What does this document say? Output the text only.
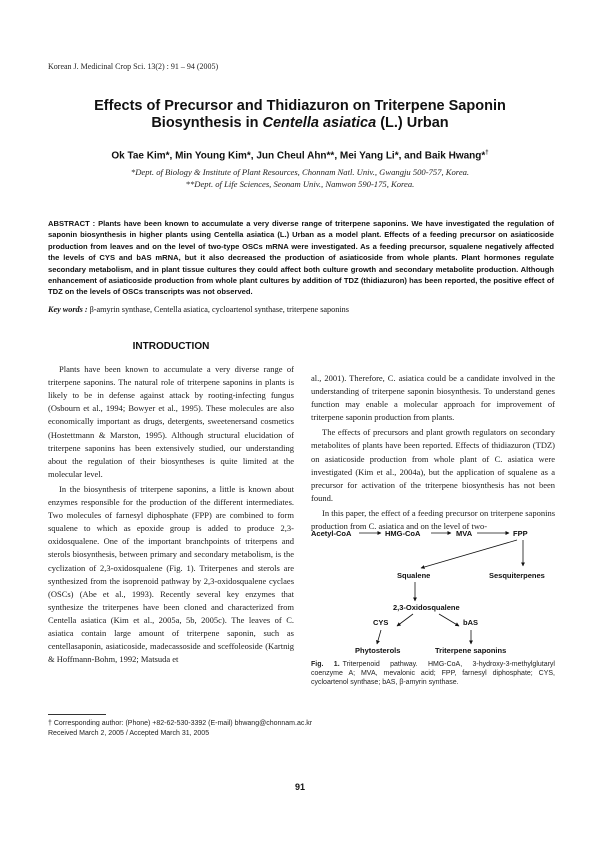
Korean J. Medicinal Crop Sci. 13(2) : 91 – 94 (2005)
Effects of Precursor and Thidiazuron on Triterpene Saponin
Biosynthesis in Centella asiatica (L.) Urban
Ok Tae Kim*, Min Young Kim*, Jun Cheul Ahn**, Mei Yang Li*, and Baik Hwang*†
*Dept. of Biology & Institute of Plant Resources, Chonnam Natl. Univ., Gwangju 500-757, Korea.
**Dept. of Life Sciences, Seonam Univ., Namwon 590-175, Korea.
ABSTRACT : Plants have been known to accumulate a very diverse range of triterpene saponins. We have investigated the regulation of saponin biosynthesis in higher plants using Centella asiatica (L.) Urban as a model plant. Effects of a feeding precursor on asiaticoside production from leaves and on the level of two-type OSCs mRNA were investigated. As a feeding precursor, squalene negatively affected the levels of CYS and bAS mRNA, but it also decreased the production of asiaticoside from whole plants. Plant hormones regulate secondary metabolism, and in plant tissue cultures they could affect both culture growth and secondary metabolite production. Although enhancement of asiaticoside production from whole plant cultures by addition of TDZ (thidiazuron) has been reported, the positive effect of TDZ on the levels of OSCs transcripts was not observed.
Key words : β-amyrin synthase, Centella asiatica, cycloartenol synthase, triterpene saponins
INTRODUCTION

Plants have been known to accumulate a very diverse range of triterpene saponins. The natural role of triterpene saponins in plants is likely to be in defense against attack by rooting-infecting fungus (Osbourn et al., 1994; Bowyer et al., 1995). These molecules are also economically important as drugs, detergents, sweetenersand cosmetics (Hostettmann & Marston, 1995). Although structural elucidation of triterpene saponins has been extensively studied, our understanding about the regulation of their biosyntheses is quite limited at the molecular level.

In the biosynthesis of triterpene saponins, a little is known about enzymes responsible for the production of the different intermediates. Two molecules of farnesyl diphosphate (FPP) are combined to form squalene to which as epoxide group is added to produce 2,3-oxidosqualene. One of the important branchpoints of triterpens and sterols biosynthesis, between primary and secondary metabolism, is the cyclization of 2,3-oxidosqualene (Fig. 1). Triterpenes and sterols are synthesized from the isoprenoid pathway by 2,3-oxidosqualene cyclaes (OSCs) (Abe et al., 1993). Recently several key enzymes that synthesize the triterpenes have been cloned and characterized from Centella asiatica (Kim et al., 2005a, 5b, 2005c). The leaves of C. asiatica contain large amount of triterpene saponin, such as centellasaponin, asiaticoside, madecassoside and sceffoleoside (Kartnig & Hoffmann-Bohm, 1992; Matsuda et

al., 2001). Therefore, C. asiatica could be a candidate involved in the understanding of triterpene saponin biosynthesis. To understand genes function may enable a molecular approach for improvement of triterpene saponin production from plants.

The effects of precursors and plant growth regulators on secondary metabolites of plants have been reported. Effects of thidiazuron (TDZ) on asiaticoside production from whole plant of C. asiatica were investigated (Kim et al., 2004a), but the application of squalene as a precursor for activation of the triterpene biosynthesis has not been found.

In this paper, the effect of a feeding precursor on triterpene saponins production from C. asiatica and on the level of two-

Acetyl-CoA	HMG-CoA	MVA	FPP
Squalene	Sesquiterpenes
2,3-Oxidosqualene
CYS	bAS
Phytosterols	Triterpene saponins
Fig. 1. Triterpenoid pathway. HMG-CoA, 3-hydroxy-3-methylglutaryl coenzyme A; MVA, mevalonic acid; FPP, farnesyl diphosphate; CYS, cycloartenol synthase; bAS, β-amyrin synthase.
† Corresponding author: (Phone) +82-62-530-3392 (E-mail) bhwang@chonnam.ac.kr
Received March 2, 2005 / Accepted March 31, 2005
91
